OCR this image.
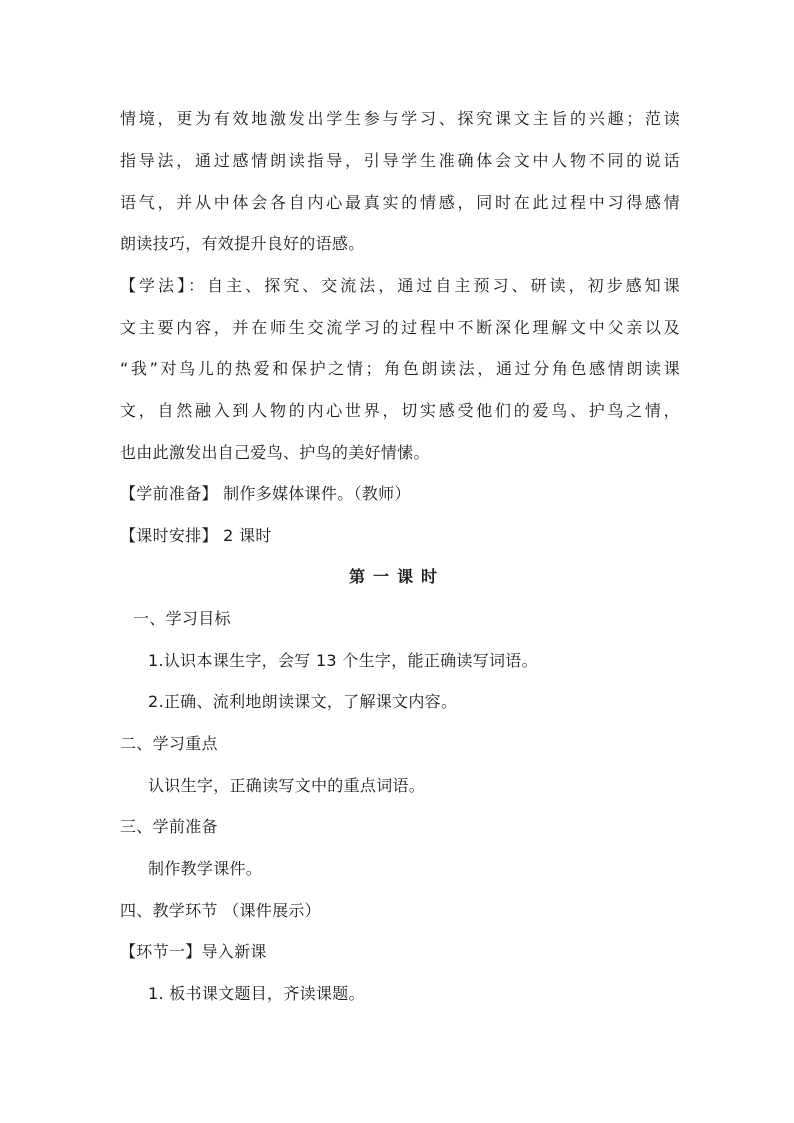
情境，更为有效地激发出学生参与学习、探究课文主旨的兴趣；范读
指导法，通过感情朗读指导，引导学生准确体会文中人物不同的说话
语气，并从中体会各自内心最真实的情感，同时在此过程中习得感情
朗读技巧，有效提升良好的语感。
【学法】：自主、探究、交流法，通过自主预习、研读，初步感知课
文主要内容，并在师生交流学习的过程中不断深化理解文中父亲以及
“我”对鸟儿的热爱和保护之情；角色朗读法，通过分角色感情朗读课
文，自然融入到人物的内心世界，切实感受他们的爱鸟、护鸟之情，
也由此激发出自己爱鸟、护鸟的美好情愫。
【学前准备】 制作多媒体课件。（教师）
【课时安排】 2 课时
第一课时
一、学习目标
1.认识本课生字，会写 13 个生字，能正确读写词语。
2.正确、流利地朗读课文，了解课文内容。
二、学习重点
认识生字，正确读写文中的重点词语。
三、学前准备
制作教学课件。
四、教学环节 （课件展示）
【环节一】导入新课
1. 板书课文题目，齐读课题。
